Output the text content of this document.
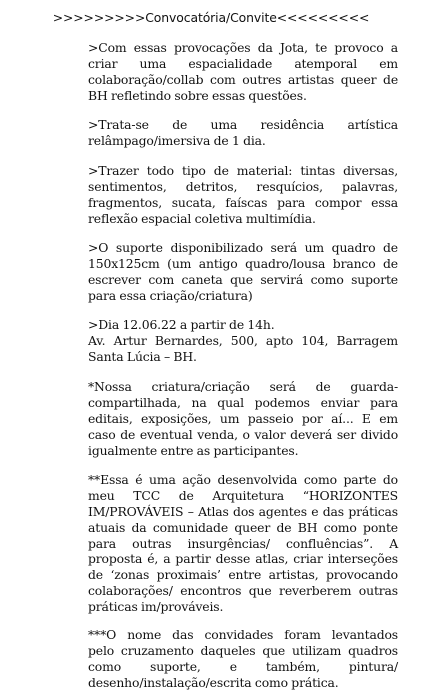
>>>>>>>>>Convocatória/Convite<<<<<<<<<

>Com essas provocações da Jota, te provoco a
criar uma espacialidade atemporal em
colaboração/collab com outres artistas queer de
BH refletindo sobre essas questões.

>Trata-se de uma residência artística
relâmpago/imersiva de 1 dia.

>Trazer todo tipo de material: tintas diversas,
sentimentos, detritos, resquícios, palavras,
fragmentos, sucata, faíscas para compor essa
reflexão espacial coletiva multimídia.

>O suporte disponibilizado será um quadro de
150x125cm (um antigo quadro/lousa branco de
escrever com caneta que servirá como suporte
para essa criação/criatura)

>Dia 12.06.22 a partir de 14h.
Av. Artur Bernardes, 500, apto 104, Barragem
Santa Lúcia – BH.

*Nossa criatura/criação será de guarda-
compartilhada, na qual podemos enviar para
editais, exposições, um passeio por aí... E em
caso de eventual venda, o valor deverá ser divido
igualmente entre as participantes.

**Essa é uma ação desenvolvida como parte do
meu TCC de Arquitetura “HORIZONTES
IM/PROVÁVEIS – Atlas dos agentes e das práticas
atuais da comunidade queer de BH como ponte
para outras insurgências/ confluências”. A
proposta é, a partir desse atlas, criar interseções
de ‘zonas proximais’ entre artistas, provocando
colaborações/ encontros que reverberem outras
práticas im/prováveis.

***O nome das convidades foram levantados
pelo cruzamento daqueles que utilizam quadros
como suporte, e também, pintura/
desenho/instalação/escrita como prática.
